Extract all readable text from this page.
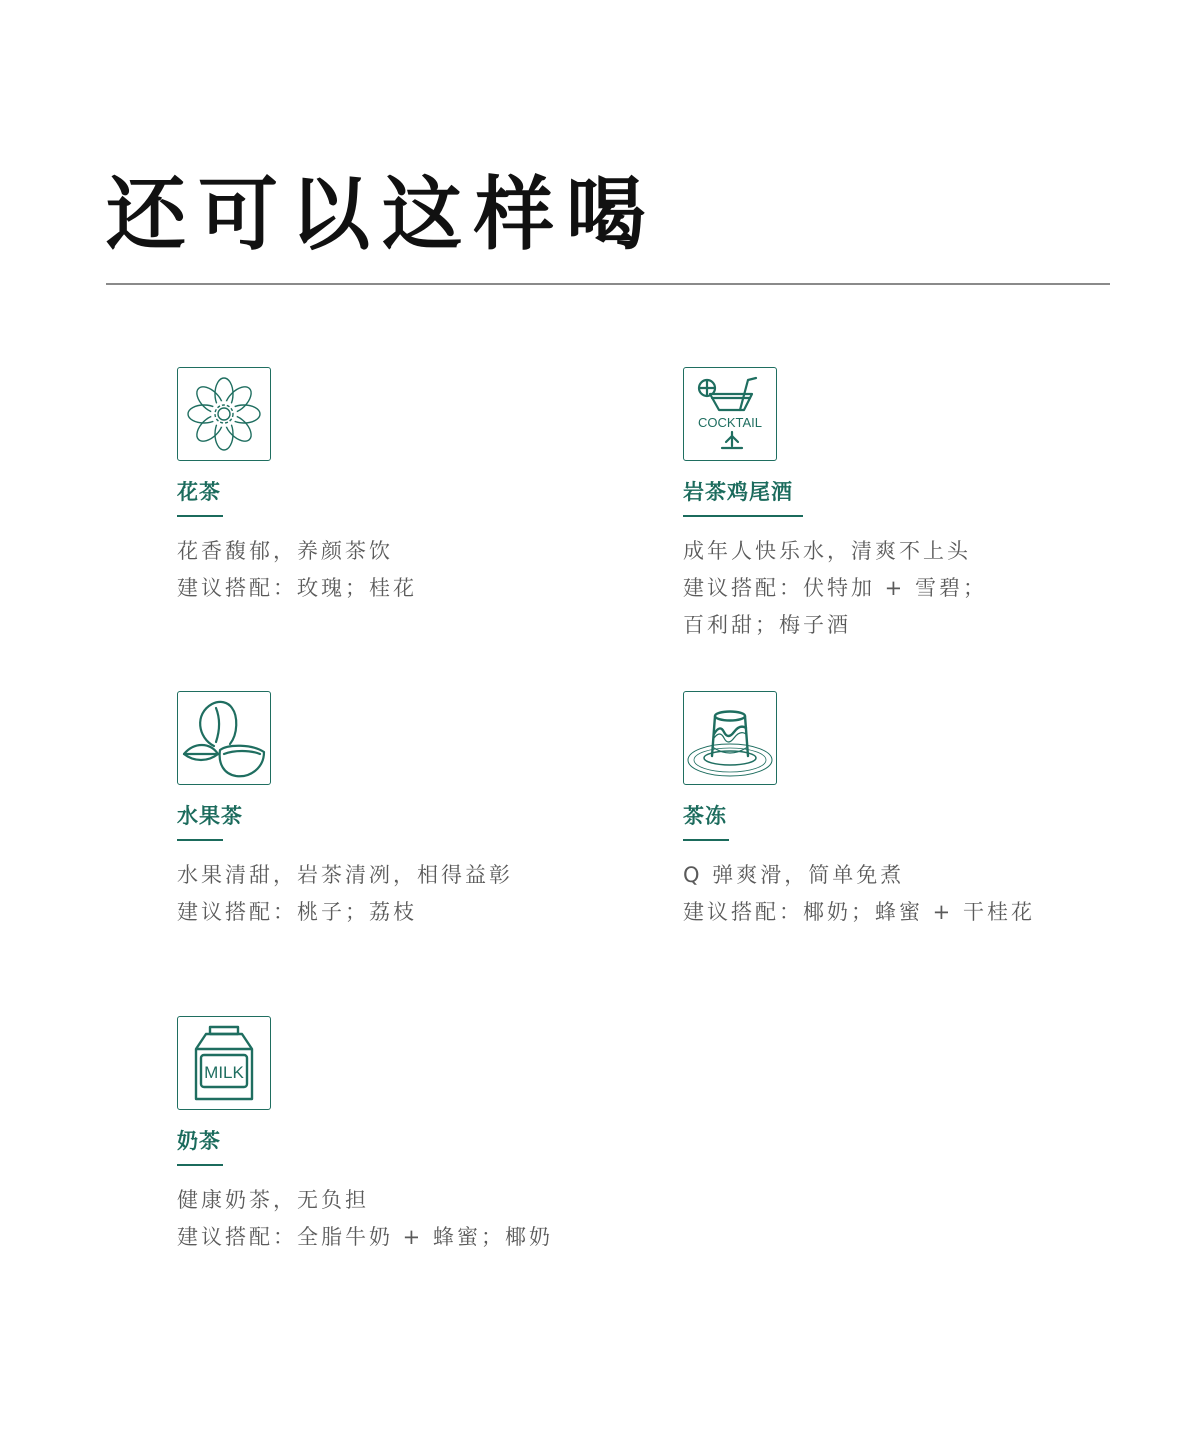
还可以这样喝
花茶
花香馥郁，养颜茶饮
建议搭配：玫瑰；桂花
COCKTAIL
岩茶鸡尾酒
成年人快乐水，清爽不上头
建议搭配：伏特加 + 雪碧；
百利甜；梅子酒
水果茶
水果清甜，岩茶清冽，相得益彰
建议搭配：桃子；荔枝
茶冻
Q 弹爽滑，简单免煮
建议搭配：椰奶；蜂蜜 + 干桂花
MILK
奶茶
健康奶茶，无负担
建议搭配：全脂牛奶 + 蜂蜜；椰奶
